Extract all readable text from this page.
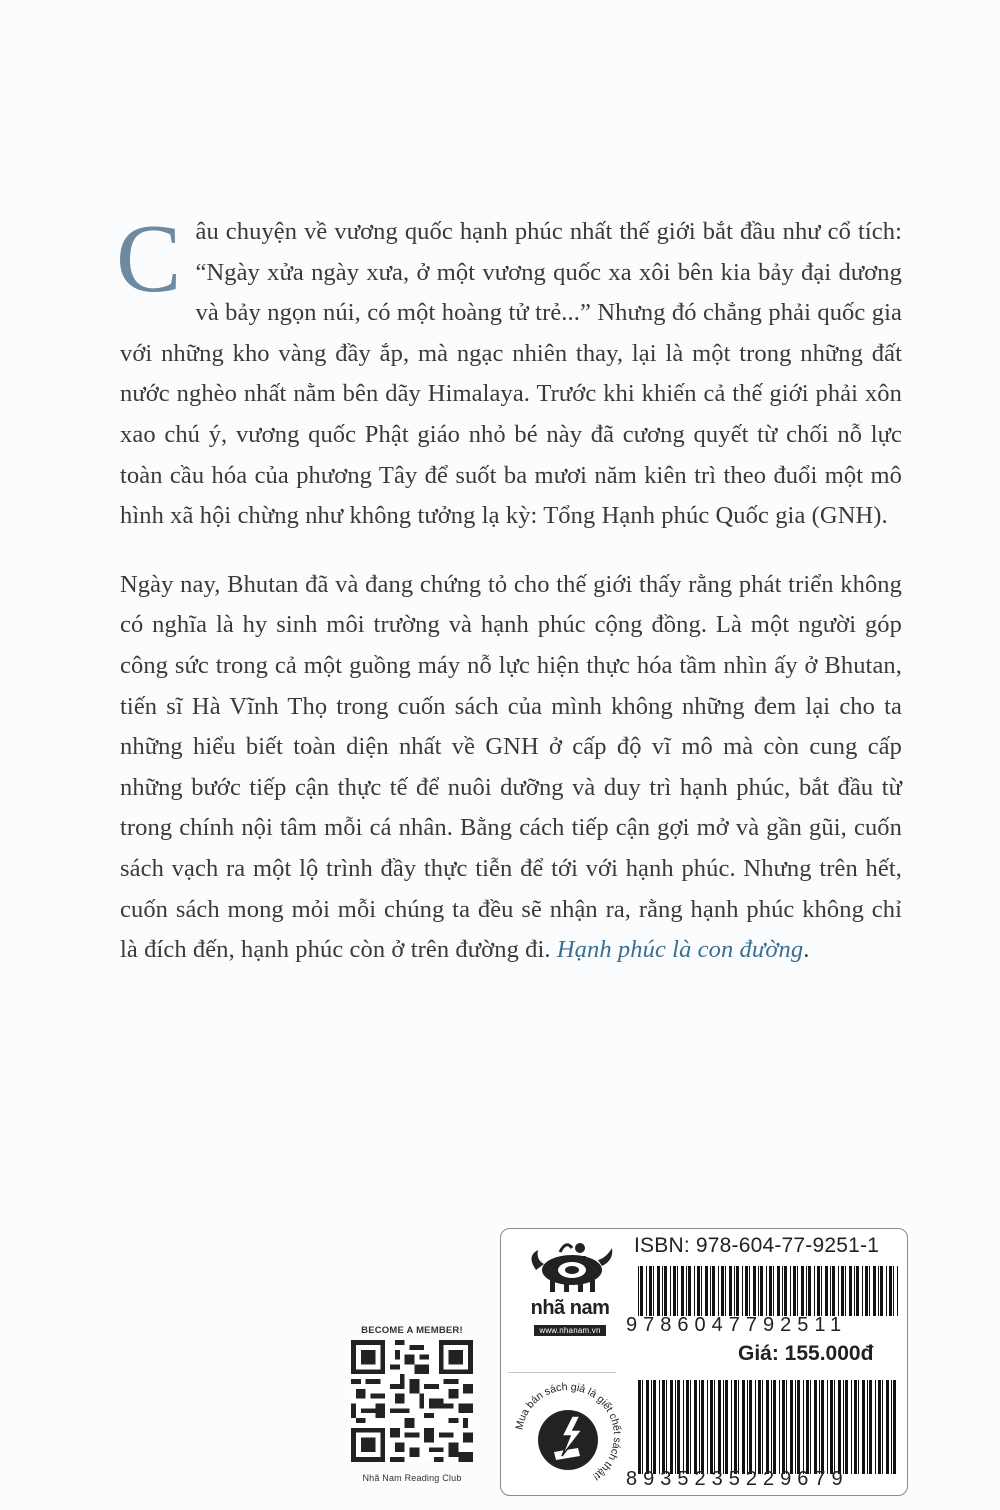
Câu chuyện về vương quốc hạnh phúc nhất thế giới bắt đầu như cổ tích: “Ngày xửa ngày xưa, ở một vương quốc xa xôi bên kia bảy đại dương và bảy ngọn núi, có một hoàng tử trẻ...” Nhưng đó chẳng phải quốc gia với những kho vàng đầy ắp, mà ngạc nhiên thay, lại là một trong những đất nước nghèo nhất nằm bên dãy Himalaya. Trước khi khiến cả thế giới phải xôn xao chú ý, vương quốc Phật giáo nhỏ bé này đã cương quyết từ chối nỗ lực toàn cầu hóa của phương Tây để suốt ba mươi năm kiên trì theo đuổi một mô hình xã hội chừng như không tưởng lạ kỳ: Tổng Hạnh phúc Quốc gia (GNH).

Ngày nay, Bhutan đã và đang chứng tỏ cho thế giới thấy rằng phát triển không có nghĩa là hy sinh môi trường và hạnh phúc cộng đồng. Là một người góp công sức trong cả một guồng máy nỗ lực hiện thực hóa tầm nhìn ấy ở Bhutan, tiến sĩ Hà Vĩnh Thọ trong cuốn sách của mình không những đem lại cho ta những hiểu biết toàn diện nhất về GNH ở cấp độ vĩ mô mà còn cung cấp những bước tiếp cận thực tế để nuôi dưỡng và duy trì hạnh phúc, bắt đầu từ trong chính nội tâm mỗi cá nhân. Bằng cách tiếp cận gợi mở và gần gũi, cuốn sách vạch ra một lộ trình đầy thực tiễn để tới với hạnh phúc. Nhưng trên hết, cuốn sách mong mỏi mỗi chúng ta đều sẽ nhận ra, rằng hạnh phúc không chỉ là đích đến, hạnh phúc còn ở trên đường đi. Hạnh phúc là con đường.

BECOME A MEMBER!
Nhã Nam Reading Club
nhã nam
www.nhanam.vn
Mua bán sách giả là giết chết sách thật!
ISBN: 978-604-77-9251-1
9786047792511
Giá: 155.000đ
8935235229679
